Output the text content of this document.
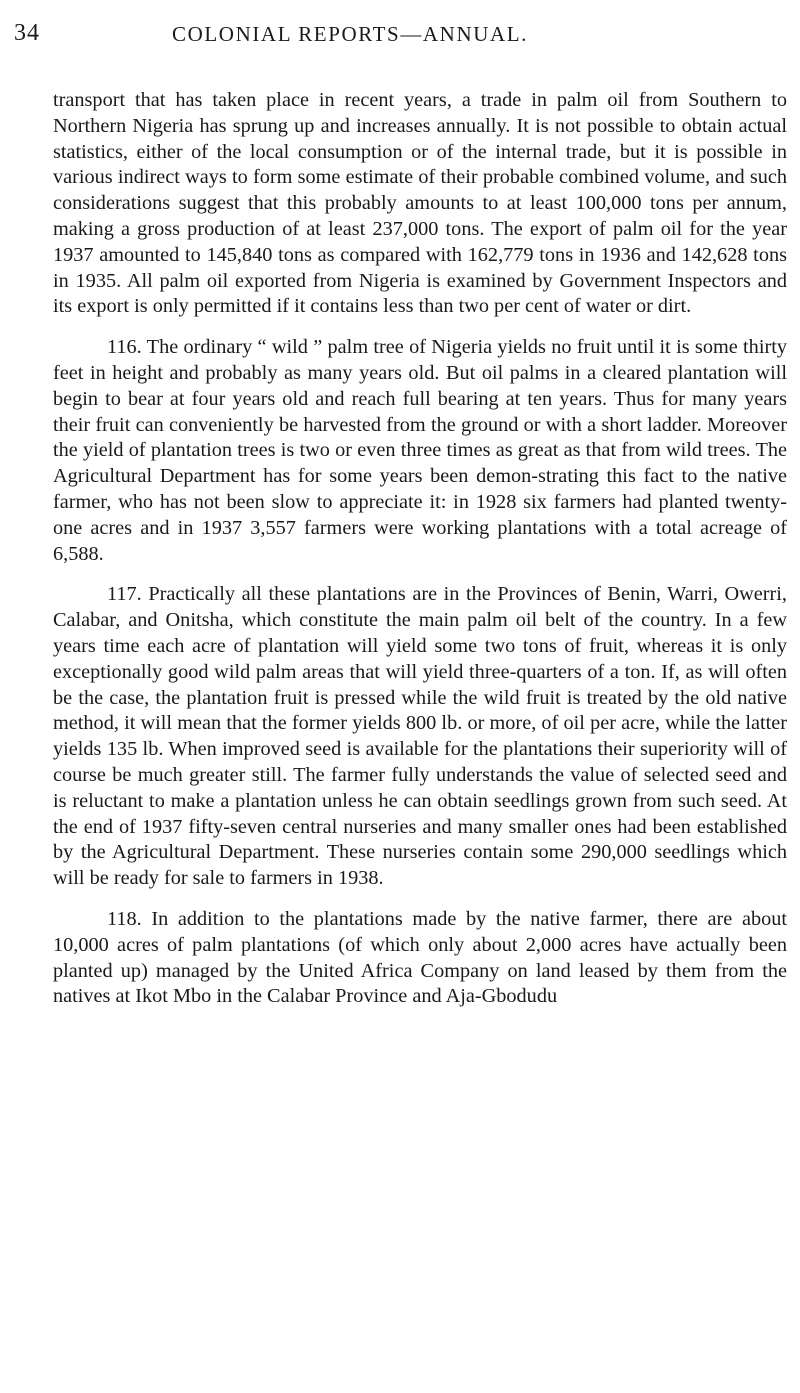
34	COLONIAL REPORTS—ANNUAL.

transport that has taken place in recent years, a trade in palm oil from Southern to Northern Nigeria has sprung up and increases annually. It is not possible to obtain actual statistics, either of the local consumption or of the internal trade, but it is possible in various indirect ways to form some estimate of their probable combined volume, and such considerations suggest that this probably amounts to at least 100,000 tons per annum, making a gross production of at least 237,000 tons. The export of palm oil for the year 1937 amounted to 145,840 tons as compared with 162,779 tons in 1936 and 142,628 tons in 1935. All palm oil exported from Nigeria is examined by Government Inspectors and its export is only permitted if it contains less than two per cent of water or dirt.

116. The ordinary “ wild ” palm tree of Nigeria yields no fruit until it is some thirty feet in height and probably as many years old. But oil palms in a cleared plantation will begin to bear at four years old and reach full bearing at ten years. Thus for many years their fruit can conveniently be harvested from the ground or with a short ladder. Moreover the yield of plantation trees is two or even three times as great as that from wild trees. The Agricultural Department has for some years been demon-strating this fact to the native farmer, who has not been slow to appreciate it: in 1928 six farmers had planted twenty-one acres and in 1937 3,557 farmers were working plantations with a total acreage of 6,588.

117. Practically all these plantations are in the Provinces of Benin, Warri, Owerri, Calabar, and Onitsha, which constitute the main palm oil belt of the country. In a few years time each acre of plantation will yield some two tons of fruit, whereas it is only exceptionally good wild palm areas that will yield three-quarters of a ton. If, as will often be the case, the plantation fruit is pressed while the wild fruit is treated by the old native method, it will mean that the former yields 800 lb. or more, of oil per acre, while the latter yields 135 lb. When improved seed is available for the plantations their superiority will of course be much greater still. The farmer fully understands the value of selected seed and is reluctant to make a plantation unless he can obtain seedlings grown from such seed. At the end of 1937 fifty-seven central nurseries and many smaller ones had been established by the Agricultural Department. These nurseries contain some 290,000 seedlings which will be ready for sale to farmers in 1938.

118. In addition to the plantations made by the native farmer, there are about 10,000 acres of palm plantations (of which only about 2,000 acres have actually been planted up) managed by the United Africa Company on land leased by them from the natives at Ikot Mbo in the Calabar Province and Aja-Gbodudu
